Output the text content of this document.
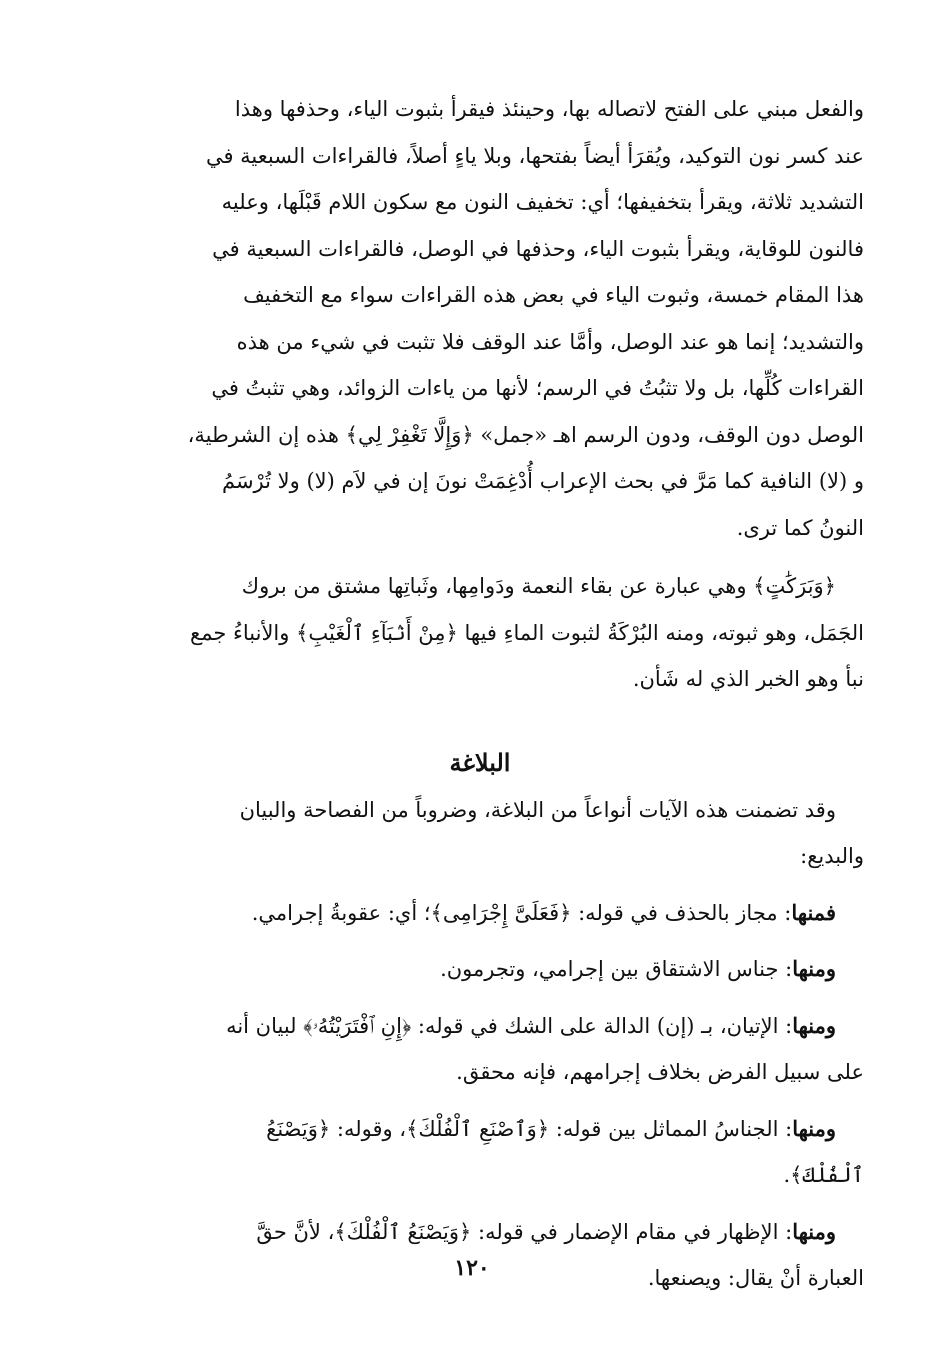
والفعل مبني على الفتح لاتصاله بها، وحينئذ فيقرأ بثبوت الياء، وحذفها وهذا

عند كسر نون التوكيد، ويُقرَأ أيضاً بفتحها، وبلا ياءٍ أصلاً، فالقراءات السبعية في

التشديد ثلاثة، ويقرأ بتخفيفها؛ أي: تخفيف النون مع سكون اللام قَبْلَها، وعليه

فالنون للوقاية، ويقرأ بثبوت الياء، وحذفها في الوصل، فالقراءات السبعية في

هذا المقام خمسة، وثبوت الياء في بعض هذه القراءات سواء مع التخفيف

والتشديد؛ إنما هو عند الوصل، وأمَّا عند الوقف فلا تثبت في شيء من هذه

القراءات كُلِّها، بل ولا تثبُتُ في الرسم؛ لأنها من ياءات الزوائد، وهي تثبتُ في

الوصل دون الوقف، ودون الرسم اهـ «جمل» ﴿وَإِلَّا تَغْفِرْ لِي﴾ هذه إن الشرطية،

و (لا) النافية كما مَرَّ في بحث الإعراب أُدْغِمَتْ نونَ إن في لاَم (لا) ولا تُرْسَمُ

النونُ كما ترى.

﴿وَبَرَكَٰتٍ﴾ وهي عبارة عن بقاء النعمة ودَوامِها، وثَباتِها مشتق من بروك

الجَمَل، وهو ثبوته، ومنه البُرْكَةُ لثبوت الماءِ فيها ﴿مِنْ أَنۢبَآءِ ٱلْغَيْبِ﴾ والأنباءُ جمع

نبأ وهو الخبر الذي له شَأن.

البلاغة

وقد تضمنت هذه الآيات أنواعاً من البلاغة، وضروباً من الفصاحة والبيان

والبديع:

فمنها: مجاز بالحذف في قوله: ﴿فَعَلَىَّ إِجْرَامِى﴾؛ أي: عقوبةُ إجرامي.
ومنها: جناس الاشتقاق بين إجرامي، وتجرمون.
ومنها: الإتيان، بـ (إن) الدالة على الشك في قوله: ﴿إِنِ ٱفْتَرَيْتُهُۥ﴾ لبيان أنه
على سبيل الفرض بخلاف إجرامهم، فإنه محقق.
ومنها: الجناسُ المماثل بين قوله: ﴿وَٱصْنَعِ ٱلْفُلْكَ﴾، وقوله: ﴿وَيَصْنَعُ
ٱلْفُلْكَ﴾.
ومنها: الإظهار في مقام الإضمار في قوله: ﴿وَيَصْنَعُ ٱلْفُلْكَ﴾، لأنَّ حقَّ
العبارة أنْ يقال: ويصنعها.
١٢٠
